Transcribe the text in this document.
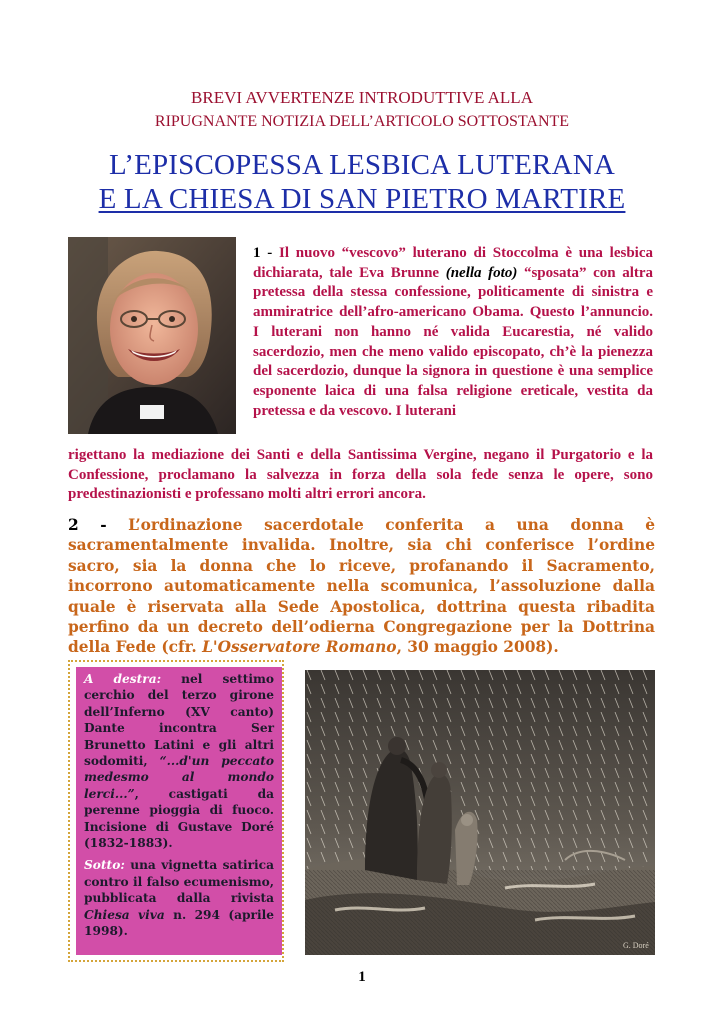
BREVI AVVERTENZE INTRODUTTIVE ALLA
RIPUGNANTE NOTIZIA DELL’ARTICOLO SOTTOSTANTE
L’EPISCOPESSA LESBICA LUTERANA
E LA CHIESA DI SAN PIETRO MARTIRE
1 - Il nuovo “vescovo” luterano di Stoccolma è una lesbica dichiarata, tale Eva Brunne (nella foto) “sposata” con altra pretessa della stessa confessione, politicamente di sinistra e ammiratrice dell’afro-americano Obama. Questo l’annuncio. I luterani non hanno né valida Eucarestia, né valido sacerdozio, men che meno valido episcopato, ch’è la pienezza del sacerdozio, dunque la signora in questione è una semplice esponente laica di una falsa religione ereticale, vestita da pretessa e da vescovo. I luterani
rigettano la mediazione dei Santi e della Santissima Vergine, negano il Purgatorio e la Confessione, proclamano la salvezza in forza della sola fede senza le opere, sono predestinazionisti e professano molti altri errori ancora.
2 - L’ordinazione sacerdotale conferita a una donna è sacramentalmente invalida. Inoltre, sia chi conferisce l’ordine sacro, sia la donna che lo riceve, profanando il Sacramento, incorrono automaticamente nella scomunica, l’assoluzione dalla quale è riservata alla Sede Apostolica, dottrina questa ribadita perfino da un decreto dell’odierna Congregazione per la Dottrina della Fede (cfr. L'Osservatore Romano, 30 maggio 2008).

A destra: nel settimo cerchio del terzo girone dell’Inferno (XV canto) Dante incontra Ser Brunetto Latini e gli altri sodomiti, “...d'un peccato medesmo al mondo lerci...”, castigati da perenne pioggia di fuoco. Incisione di Gustave Doré (1832-1883).

Sotto: una vignetta satirica contro il falso ecumenismo, pubblicata dalla rivista Chiesa viva n. 294 (aprile 1998).

G. Doré
1
